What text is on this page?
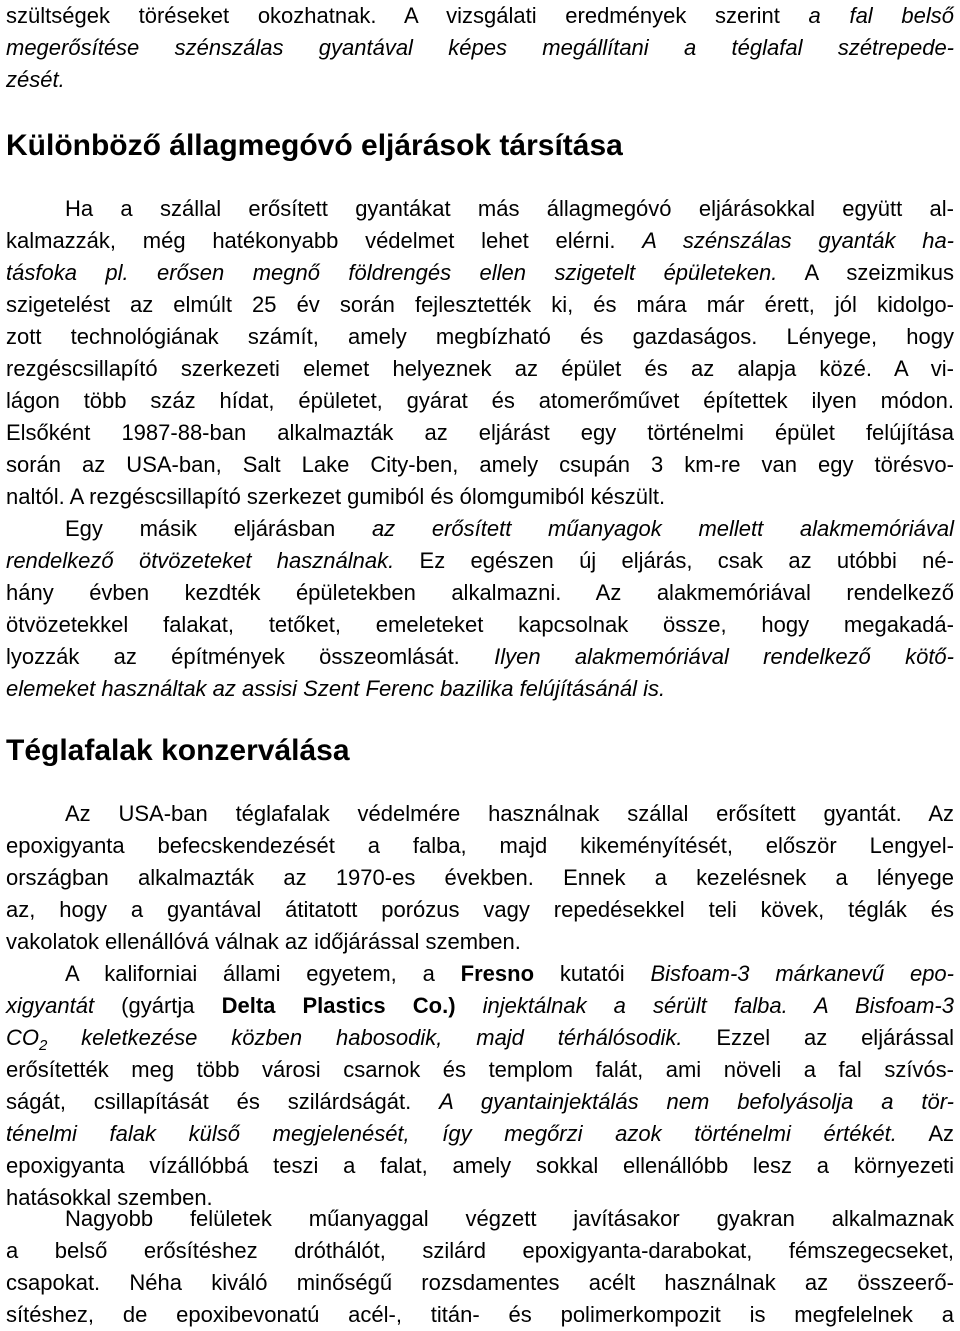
szültségek töréseket okozhatnak. A vizsgálati eredmények szerint a fal belső
megerősítése szénszálas gyantával képes megállítani a téglafal szétrepede-
zését.
Különböző állagmegóvó eljárások társítása
Ha a szállal erősített gyantákat más állagmegóvó eljárásokkal együtt al-
kalmazzák, még hatékonyabb védelmet lehet elérni. A szénszálas gyanták ha-
tásfoka pl. erősen megnő földrengés ellen szigetelt épületeken. A szeizmikus
szigetelést az elmúlt 25 év során fejlesztették ki, és mára már érett, jól kidolgo-
zott technológiának számít, amely megbízható és gazdaságos. Lényege, hogy
rezgéscsillapító szerkezeti elemet helyeznek az épület és az alapja közé. A vi-
lágon több száz hídat, épületet, gyárat és atomerőművet építettek ilyen módon.
Elsőként 1987-88-ban alkalmazták az eljárást egy történelmi épület felújítása
során az USA-ban, Salt Lake City-ben, amely csupán 3 km-re van egy törésvo-
naltól. A rezgéscsillapító szerkezet gumiból és ólomgumiból készült.
Egy másik eljárásban az erősített műanyagok mellett alakmemóriával
rendelkező ötvözeteket használnak. Ez egészen új eljárás, csak az utóbbi né-
hány évben kezdték épületekben alkalmazni. Az alakmemóriával rendelkező
ötvözetekkel falakat, tetőket, emeleteket kapcsolnak össze, hogy megakadá-
lyozzák az építmények összeomlását. Ilyen alakmemóriával rendelkező kötő-
elemeket használtak az assisi Szent Ferenc bazilika felújításánál is.
Téglafalak konzerválása
Az USA-ban téglafalak védelmére használnak szállal erősített gyantát. Az
epoxigyanta befecskendezését a falba, majd kikeményítését, először Lengyel-
országban alkalmazták az 1970-es években. Ennek a kezelésnek a lényege
az, hogy a gyantával átitatott porózus vagy repedésekkel teli kövek, téglák és
vakolatok ellenállóvá válnak az időjárással szemben.
A kaliforniai állami egyetem, a Fresno kutatói Bisfoam-3 márkanevű epo-
xigyantát (gyártja Delta Plastics Co.) injektálnak a sérült falba. A Bisfoam-3
$CO_2$ keletkezése közben habosodik, majd térhálósodik. Ezzel az eljárással
erősítették meg több városi csarnok és templom falát, ami növeli a fal szívós-
ságát, csillapítását és szilárdságát. A gyantainjektálás nem befolyásolja a tör-
ténelmi falak külső megjelenését, így megőrzi azok történelmi értékét. Az
epoxigyanta vízállóbbá teszi a falat, amely sokkal ellenállóbb lesz a környezeti
hatásokkal szemben.
Nagyobb felületek műanyaggal végzett javításakor gyakran alkalmaznak
a belső erősítéshez dróthálót, szilárd epoxigyanta-darabokat, fémszegecseket,
csapokat. Néha kiváló minőségű rozsdamentes acélt használnak az összeerő-
sítéshez, de epoxibevonatú acél-, titán- és polimerkompozit is megfelelnek a
